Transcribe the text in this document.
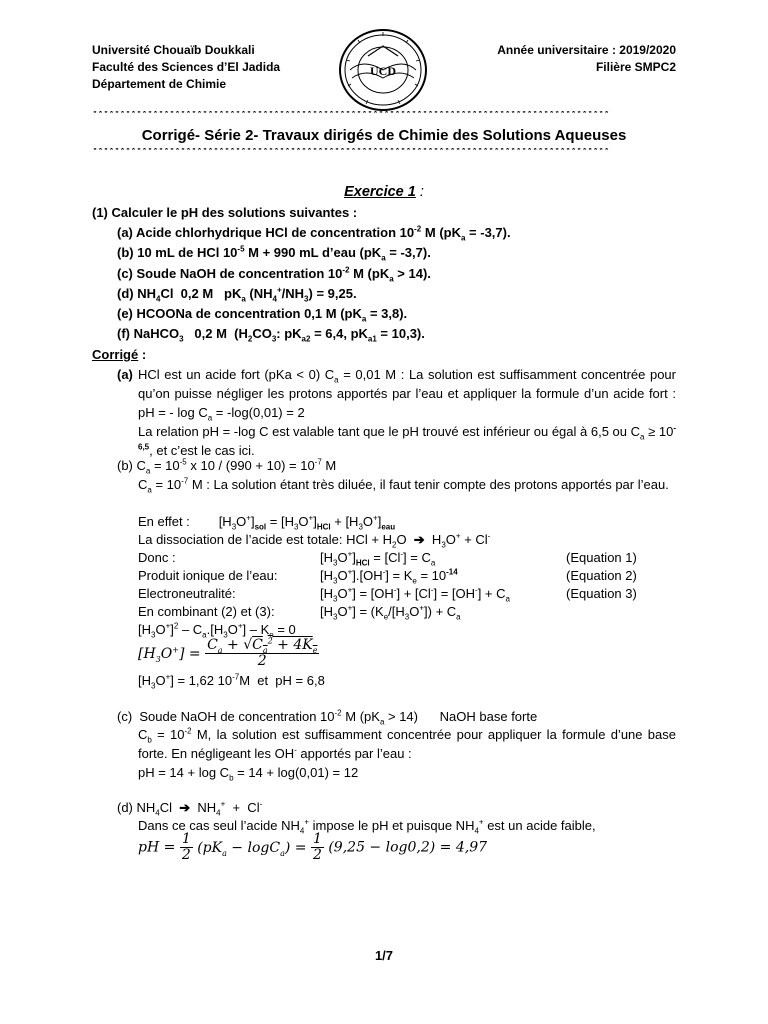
Université Chouaïb Doukkali
Faculté des Sciences d’El Jadida
Département de Chimie
Année universitaire : 2019/2020
Filière SMPC2
UCD
**********************************************************************************************
Corrigé- Série 2- Travaux dirigés de Chimie des Solutions Aqueuses
**********************************************************************************************
Exercice 1 :
(1) Calculer le pH des solutions suivantes :
(a) Acide chlorhydrique HCl de concentration $10^{-2}$ M $(pK_a = -3,7)$.
(b) 10 mL de HCl $10^{-5}$ M + 990 mL d’eau $(pK_a = -3,7)$.
(c) Soude NaOH de concentration $10^{-2}$ M $(pK_a > 14)$.
(d) $NH_4Cl$  0,2 M   $pK_a$ $(NH_4^+/NH_3) = 9,25$.
(e) HCOONa de concentration 0,1 M $(pK_a = 3,8)$.
(f) NaHCO$_3$   0,2 M  ($H_2CO_3$: $pK_{a2} = 6,4$, $pK_{a1} = 10,3$).
Corrigé :
(a) HCl est un acide fort (pKa < 0) $C_a = 0,01$ M : La solution est suffisamment concentrée pour qu’on puisse négliger les protons apportés par l’eau et appliquer la formule d’un acide fort : pH = - $\log C_a = -\log(0,01) = 2$
La relation pH = -log C est valable tant que le pH trouvé est inférieur ou égal à 6,5 ou $C_a \ge 10^{-6,5}$, et c’est le cas ici.
(b) $C_a = 10^{-5}$ x $10 / (990 + 10) = 10^{-7}$ M
$C_a = 10^{-7}$ M : La solution étant très diluée, il faut tenir compte des protons apportés par l’eau.
En effet :        $[H_3O^+]_{sol} = [H_3O^+]_{HCl} + [H_3O^+]_{eau}$
La dissociation de l’acide est totale: HCl + $H_2O$  ➔  $H_3O^+ + Cl^-$
Donc :	$[H_3O^+]_{HCl} = [Cl^-] = C_a$	(Equation 1)
Produit ionique de l’eau:	$[H_3O^+].[OH^-] = K_e = 10^{-14}$	(Equation 2)
Electroneutralité:	$[H_3O^+] = [OH^-] + [Cl^-] = [OH^-] + C_a$	(Equation 3)
En combinant (2) et (3):	$[H_3O^+] = (K_e/[H_3O^+]) + C_a$
$[H_3O^+]^2 - C_a.[H_3O^+] - K_e = 0$
$[H_3O^+] = \frac{C_a + √C_a^2 + 4K_e}{2}$
$[H_3O^+] = 1,62$ $10^{-7}M$  et  pH = 6,8
(c)  Soude NaOH de concentration $10^{-2}$ M $(pK_a > 14)$      NaOH base forte
$C_b = 10^{-2}$ M, la solution est suffisamment concentrée pour appliquer la formule d’une base forte. En négligeant les OH- apportés par l’eau :
pH = $14 + \log C_b = 14 + \log(0,01) = 12$
(d) $NH_4Cl$  ➔  $NH_4^+ + Cl^-$
Dans ce cas seul l’acide $NH_4^+$ impose le pH et puisque $NH_4^+$ est un acide faible,
pH = $\frac{1}{2} (pK_a - \log C_a) = \frac{1}{2} (9,25 - \log 0,2) = 4,97$
1/7
